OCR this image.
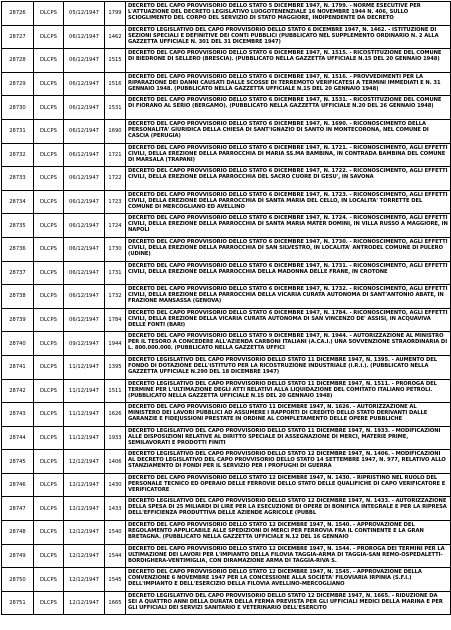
28726	DLCPS	05/12/1947	1799	DECRETO DEL CAPO PROVVISORIO DELLO STATO 5 DICEMBRE 1947, N. 1799. - NORME ESECUTIVE PER L'ATTUAZIONE DEL DECRETO LEGISLATIVO LUOGOTENENZIALE 16 NOVEMBRE 1944 N. 406, SULLO SCIOGLIMENTO DEL CORPO DEL SERVIZIO DI STATO MAGGIORE, INDIPENDENTE DA DECRETO

28727	DLCPS	06/12/1947	1462	DECRETO LEGISLATIVO DEL CAPO PROVVISORIO DELLO STATO 6 DICEMBRE 1947, N. 1462. - ISTITUZIONE DI SEZIONI SPECIALI E DEFINITIVE DEI CONTI PUBBLICI (PUBBLICATO NEL SUPPLEMENTO ORDINARIO N. 2 ALLA GAZZETTA UFFICIALE N. 301 DEL 31 DICEMBRE 1947)

28728	DLCPS	06/12/1947	1515	DECRETO DEL CAPO PROVVISORIO DELLO STATO 6 DICEMBRE 1947, N. 1515. - RICOSTITUZIONE DEL COMUNE DI BIEDRONE DI SELLERO (BRESCIA). (PUBBLICATO NELLA GAZZETTA UFFICIALE N.15 DEL 20 GENNAIO 1948)

28729	DLCPS	06/12/1947	1516	DECRETO DEL CAPO PROVVISORIO DELLO STATO 6 DICEMBRE 1947, N. 1516. - PROVVEDIMENTI PER LA RIPARAZIONE DEI DANNI CAUSATI DALLE SCOSSE DI TERREMOTO VERIFICATESI A TERMINI IMMEDIATI E N. 31 GENNAIO 1948. (PUBBLICATO NELLA GAZZETTA UFFICIALE N.15 DEL 20 GENNAIO 1948)

28730	DLCPS	06/12/1947	1531	DECRETO DEL CAPO PROVVISORIO DELLO STATO 6 DICEMBRE 1947, N. 1531. - RICOSTITUZIONE DEL COMUNE DI FIORANO AL SERIO (BERGAMO). (PUBBLICATO NELLA GAZZETTA UFFICIALE N.20 DEL 26 GENNAIO 1948)

28731	DLCPS	06/12/1947	1690	DECRETO DEL CAPO PROVVISORIO DELLO STATO 6 DICEMBRE 1947, N. 1690. - RICONOSCIMENTO DELLA PERSONALITA' GIURIDICA DELLA CHIESA DI SANT'IGNAZIO DI SANTO IN MONTECORONA, NEL COMUNE DI CASCIA (PERUGIA)

28732	DLCPS	06/12/1947	1721	DECRETO DEL CAPO PROVVISORIO DELLO STATO 6 DICEMBRE 1947, N. 1721. - RICONOSCIMENTO, AGLI EFFETTI CIVILI, DELLA EREZIONE DELLA PARROCCHIA DI MARIA SS.MA BAMBINA, IN CONTRADA BAMBINA DEL COMUNE DI MARSALA (TRAPANI)

28733	DLCPS	06/12/1947	1722	DECRETO DEL CAPO PROVVISORIO DELLO STATO 6 DICEMBRE 1947, N. 1722. - RICONOSCIMENTO, AGLI EFFETTI CIVILI, DELLA EREZIONE DELLA PARROCCHIA DEL SACRO CUORE DI GESU', IN SAVONA

28734	DLCPS	06/12/1947	1723	DECRETO DEL CAPO PROVVISORIO DELLO STATO 6 DICEMBRE 1947, N. 1723. - RICONOSCIMENTO, AGLI EFFETTI CIVILI, DELLA EREZIONE DELLA PARROCCHIA DI SANTA MARIA DEL CELLO, IN LOCALITA' TORRETTE DEL COMUNE DI MERCOGLIANO ED AVELLINO

28735	DLCPS	06/12/1947	1724	DECRETO DEL CAPO PROVVISORIO DELLO STATO 6 DICEMBRE 1947, N. 1724. - RICONOSCIMENTO, AGLI EFFETTI CIVILI, DELLA EREZIONE DELLA PARROCCHIA DI SANTA MARIA MATER DOMINI, IN VILLA RUSSO A MAGGIORE, IN NAPOLI

28736	DLCPS	06/12/1947	1730	DECRETO DEL CAPO PROVVISORIO DELLO STATO 6 DICEMBRE 1947, N. 1730. - RICONOSCIMENTO, AGLI EFFETTI CIVILI, DELLA EREZIONE DELLA PARROCCHIA DI SAN SILVESTRO, IN LOCALITA' ANTRODEL COMUNE DI PULERO (UDINE)

28737	DLCPS	06/12/1947	1731	DECRETO DEL CAPO PROVVISORIO DELLO STATO 6 DICEMBRE 1947, N. 1731. - RICONOSCIMENTO, AGLI EFFETTI CIVILI, DELLA EREZIONE DELLA PARROCCHIA DELLA MADONNA DELLE FRANE, IN CROTONE

28738	DLCPS	06/12/1947	1732	DECRETO DEL CAPO PROVVISORIO DELLO STATO 6 DICEMBRE 1947, N. 1732. - RICONOSCIMENTO, AGLI EFFETTI CIVILI, DELLA EREZIONE DELLA PARROCCHIA DELLA VICARIA CURATA AUTONOMA DI SANT'ANTONIO ABATE, IN FRAZIONE MANSASSA (GENOVA)

28739	DLCPS	06/12/1947	1784	DECRETO DEL CAPO PROVVISORIO DELLO STATO 6 DICEMBRE 1947, N. 1784. - RICONOSCIMENTO, AGLI EFFETTI CIVILI, DELLA EREZIONE DELLA VICARIA CURATA AUTONOMA DI SAN VINCENZO DE' ASSISI, IN ACQUAVIVA DELLE FONTI (BARI)

28740	DLCPS	09/12/1947	1944	DECRETO DEL CAPO PROVVISORIO DELLO STATO 9 DICEMBRE 1947, N. 1944. - AUTORIZZAZIONE AL MINISTRO PER IL TESORO A CONCEDERE ALL'AZIENDA CARBONI ITALIANI (A.CA.I.) UNA SOVVENZIONE STRAORDINARIA DI L. 800.000.000. (PUBBLICATO NELLA GAZZETTA UFFICI

28741	DLCPS	11/12/1947	1395	DECRETO LEGISLATIVO DEL CAPO PROVVISORIO DELLO STATO 11 DICEMBRE 1947, N. 1395. - AUMENTO DEL FONDO DI DOTAZIONE DELL'ISTITUTO PER LA RICOSTRUZIONE INDUSTRIALE (I.R.I.). (PUBBLICATO NELLA GAZZETTA UFFICIALE N.290 DEL 18 DICEMBRE 1947)

28742	DLCPS	11/12/1947	1511	DECRETO LEGISLATIVO DEL CAPO PROVVISORIO DELLO STATO 11 DICEMBRE 1947, N. 1511. - PROROGA DEL TERMINE PER L'ULTIMAZIONE DEGLI ATTI RELATIVI ALLA LIQUIDAZIONE DEL COMITATO ITALIANO PETROLI. (PUBBLICATO NELLA GAZZETTA UFFICIALE N.15 DEL 20 GENNAIO 1948)

28743	DLCPS	11/12/1947	1626	DECRETO DEL CAPO PROVVISORIO DELLO STATO 11 DICEMBRE 1947, N. 1626. - AUTORIZZAZIONE AL MINISTERO DEI LAVORI PUBBLICI AD ASSUMERE I RAPPORTI DI CREDITO DELLO STATO DERIVANTI DALLE GARANZIE E FIDEJUSSIONI PRESTATE IN ORDINE AL COMPLETAMENTO DELLE OPERE PUBBLICHE

28744	DLCPS	11/12/1947	1933	DECRETO LEGISLATIVO DEL CAPO PROVVISORIO DELLO STATO 11 DICEMBRE 1947, N. 1933. - MODIFICAZIONI ALLE DISPOSIZIONI RELATIVE AL DIRITTO SPECIALE DI ASSEGNAZIONE DI MERCI, MATERIE PRIME, SEMILAVORATI E PRODOTTI FINITI

28745	DLCPS	12/12/1947	1406	DECRETO LEGISLATIVO DEL CAPO PROVVISORIO DELLO STATO 12 DICEMBRE 1947, N. 1406. - MODIFICAZIONI AL DECRETO LEGISLATIVO DEL CAPO PROVVISORIO DELLO STATO 14 SETTEMBRE 1947, N. 977, RELATIVO ALLO STANZIAMENTO DI FONDI PER IL SERVIZIO PER I PROFUGHI DI GUERRA

28746	DLCPS	12/12/1947	1430	DECRETO DEL CAPO PROVVISORIO DELLO STATO 12 DICEMBRE 1947, N. 1430. - RIPRISTINO NEL RUOLO DEL PERSONALE TECNICO ED OPERAIO DELLE FERROVIE DELLO STATO DELLE QUALIFICHE DI CAPO VERIFICATORE E VERIFICATORE

28747	DLCPS	12/12/1947	1433	DECRETO LEGISLATIVO DEL CAPO PROVVISORIO DELLO STATO 12 DICEMBRE 1947, N. 1433. - AUTORIZZAZIONE DELLA SPESA DI 25 MILIARDI DI LIRE PER LA ESECUZIONE DI OPERE DI BONIFICA INTEGRALE E PER LA RIPRESA DELL'EFFICIENZA PRODUTTIVA DELLE AZIENDE AGRICOLE (PUBBL

28748	DLCPS	12/12/1947	1540	DECRETO DEL CAPO PROVVISORIO DELLO STATO 12 DICEMBRE 1947, N. 1540. - APPROVAZIONE DEL REGOLAMENTO APPLICABILE ALLE SPEDIZIONI DI MERCI PER FERROVIA FRA IL CONTINENTE E LA GRAN BRETAGNA. (PUBBLICATO NELLA GAZZETTA UFFICIALE N.12 DEL 16 GENNAIO

28749	DLCPS	12/12/1947	1544	DECRETO DEL CAPO PROVVISORIO DELLO STATO 12 DICEMBRE 1947, N. 1544. - PROROGA DEI TERMINI PER LA ULTIMAZIONE DEI LAVORI PER L'IMPIANTO DELLA FILOVIA TAGGIA-ARMA DI TAGGIA-SAN REMO-OSPEDALETTI-BORDIGHERA-VENTIMIGLIA, CON DIRAMAZIONE ARMA DI TAGGIA-RIVA S.

28750	DLCPS	12/12/1947	1545	DECRETO DEL CAPO PROVVISORIO DELLO STATO 12 DICEMBRE 1947, N. 1545. - APPROVAZIONE DELLA CONVENZIONE 6 NOVEMBRE 1947 PER LA CONCESSIONE ALLA SOCIETA' FILOVIARIA IRPINIA (S.F.I.) DELL'IMPIANTO E DELL'ESERCIZIO DELLA FILOVIA AVELLINO-MERCOGLIANO

28751	DLCPS	12/12/1947	1665	DECRETO LEGISLATIVO DEL CAPO PROVVISORIO DELLO STATO 12 DICEMBRE 1947, N. 1665. - RIDUZIONE DA SEI A QUATTRO ANNI DELLA DURATA DELLA FERMA PREVISTA PER GLI UFFICIALI MEDICI DELLA MARINA E PER GLI UFFICIALI DEI SERVIZI SANITARIO E VETERINARIO DELL'ESERCITO
